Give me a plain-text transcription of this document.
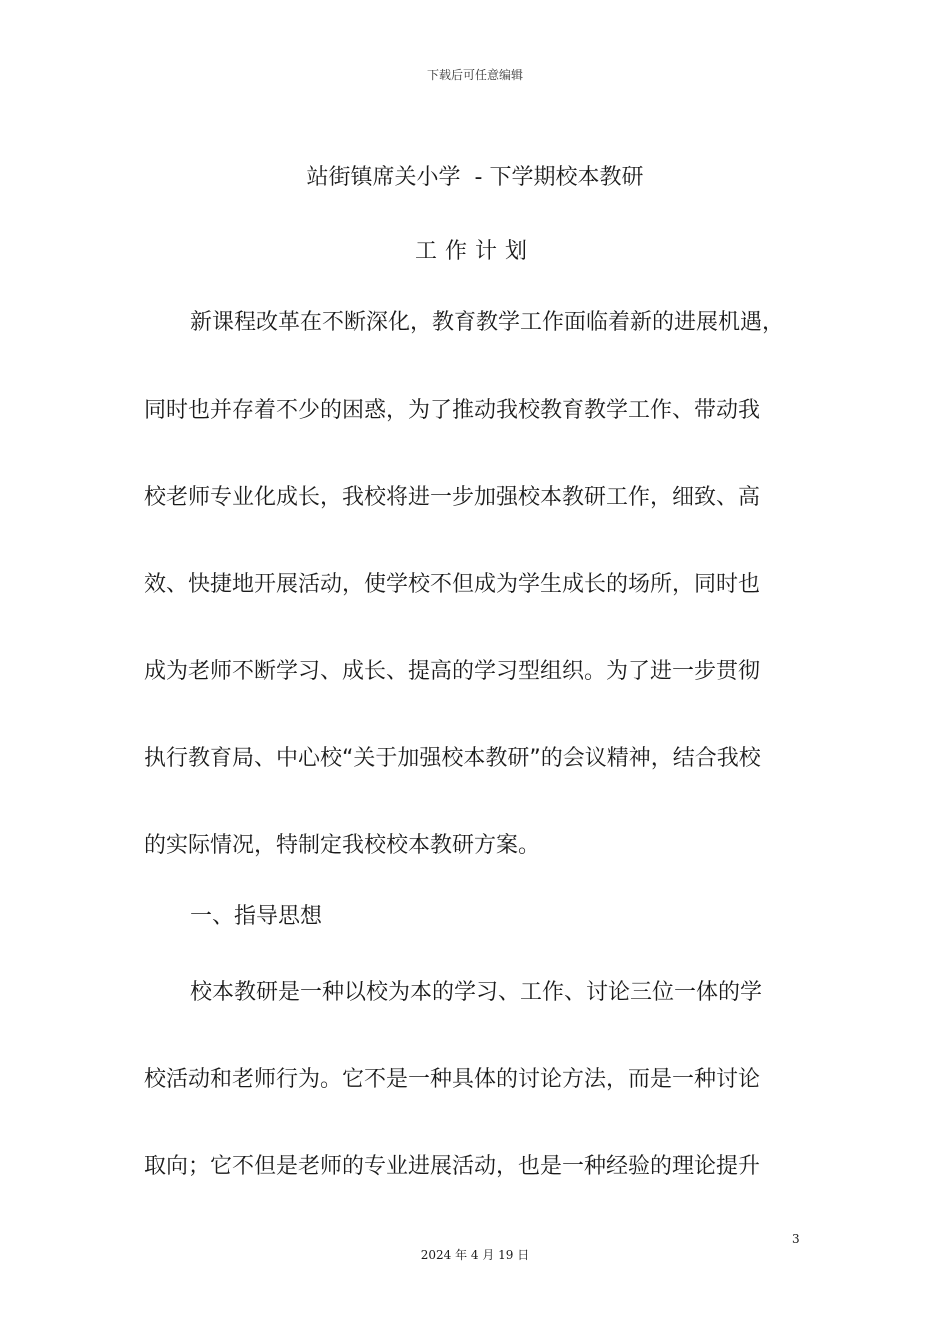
下载后可任意编辑
站街镇席关小学  - 下学期校本教研
工作计划
新课程改革在不断深化，教育教学工作面临着新的进展机遇，
同时也并存着不少的困惑，为了推动我校教育教学工作、带动我
校老师专业化成长，我校将进一步加强校本教研工作，细致、高
效、快捷地开展活动，使学校不但成为学生成长的场所，同时也
成为老师不断学习、成长、提高的学习型组织。为了进一步贯彻
执行教育局、中心校“关于加强校本教研”的会议精神，结合我校
的实际情况，特制定我校校本教研方案。
一、指导思想
校本教研是一种以校为本的学习、工作、讨论三位一体的学
校活动和老师行为。它不是一种具体的讨论方法，而是一种讨论
取向；它不但是老师的专业进展活动，也是一种经验的理论提升
3
2024 年 4 月 19 日
